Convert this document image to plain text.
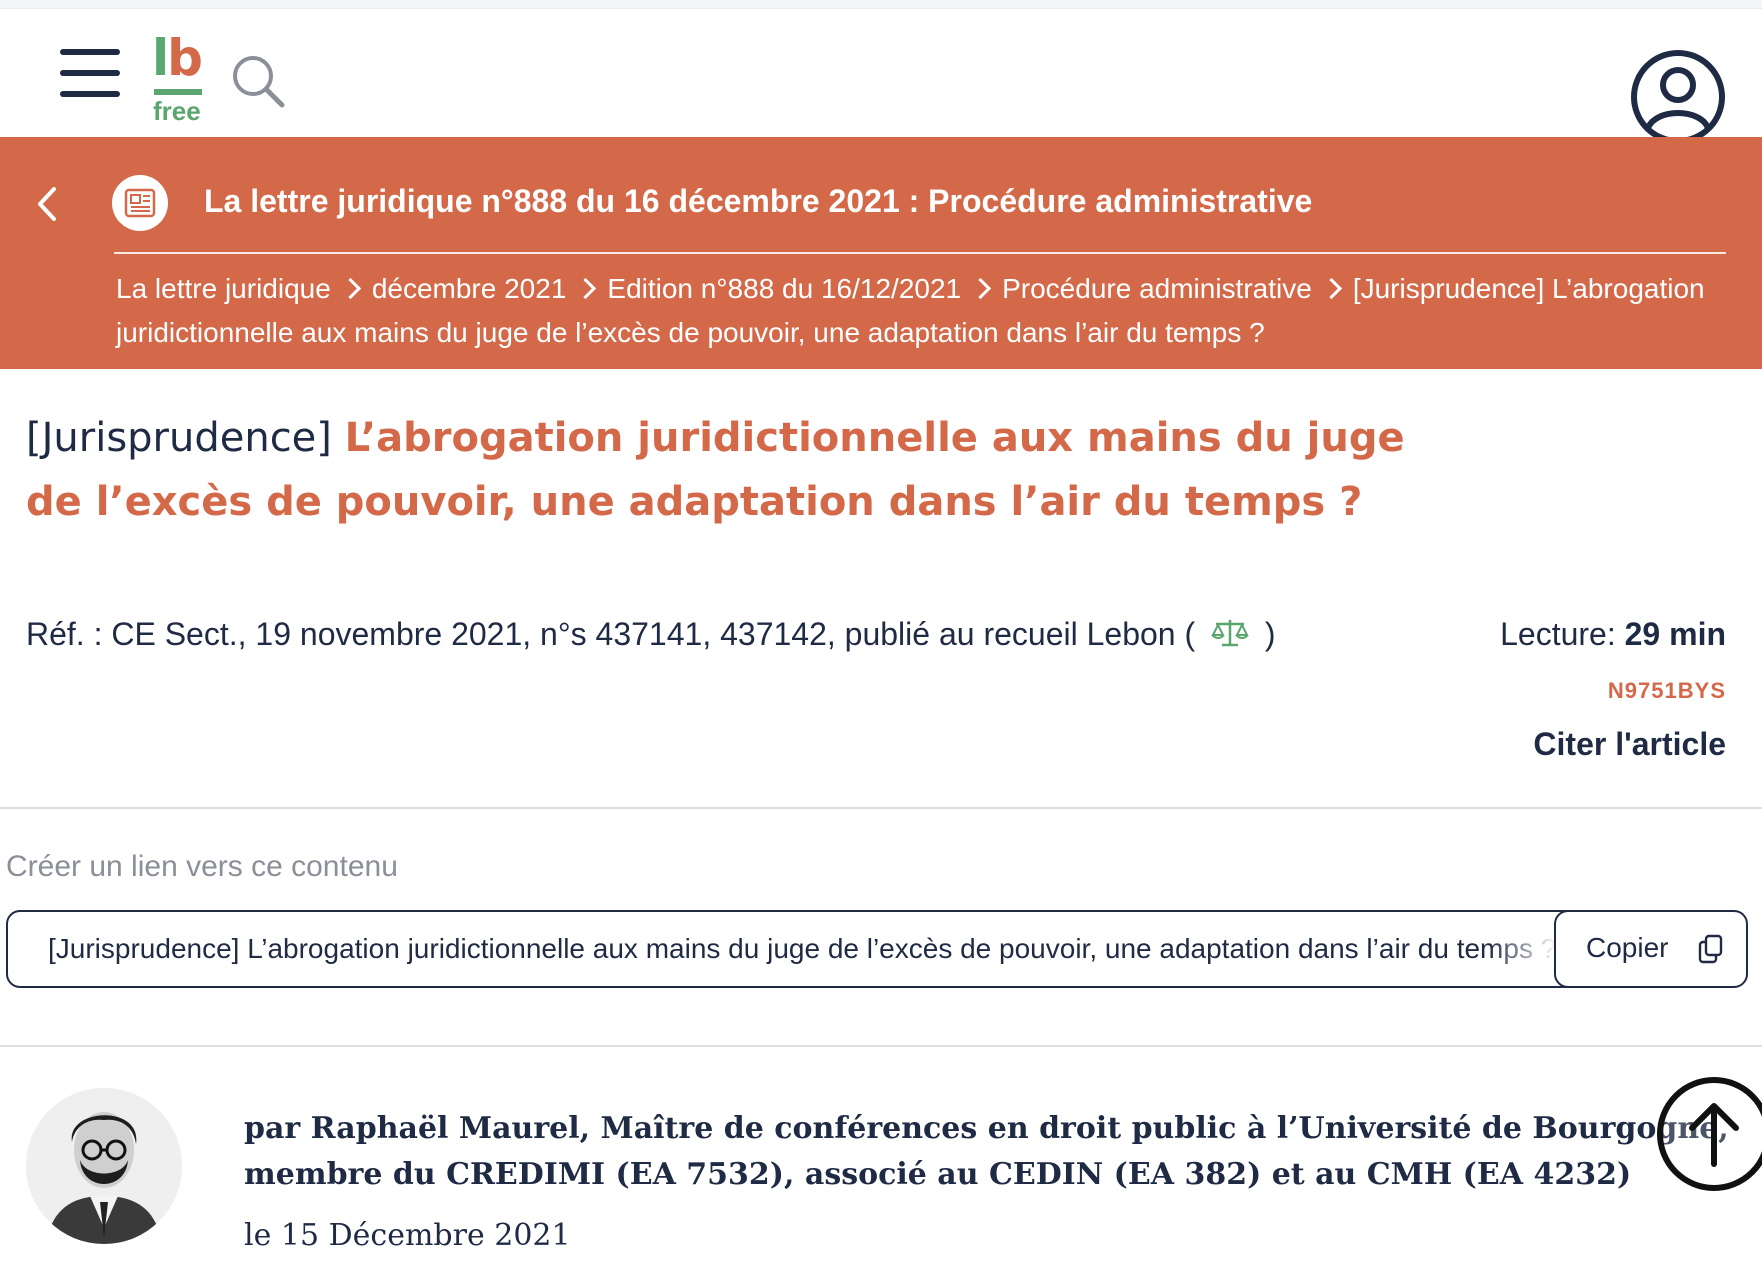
lb
free
La lettre juridique n°888 du 16 décembre 2021 : Procédure administrative
La lettre juridique décembre 2021 Edition n°888 du 16/12/2021 Procédure administrative [Jurisprudence] L’abrogation juridictionnelle aux mains du juge de l’excès de pouvoir, une adaptation dans l’air du temps ?
[Jurisprudence] L’abrogation juridictionnelle aux mains du juge de l’excès de pouvoir, une adaptation dans l’air du temps ?
Réf. : CE Sect., 19 novembre 2021, n°s 437141, 437142, publié au recueil Lebon ( )	Lecture: 29 min
N9751BYS
Citer l'article
Créer un lien vers ce contenu
[Jurisprudence] L’abrogation juridictionnelle aux mains du juge de l’excès de pouvoir, une adaptation dans l’air du temps ?
Copier
par Raphaël Maurel, Maître de conférences en droit public à l’Université de Bourgogne, membre du CREDIMI (EA 7532), associé au CEDIN (EA 382) et au CMH (EA 4232)
le 15 Décembre 2021
